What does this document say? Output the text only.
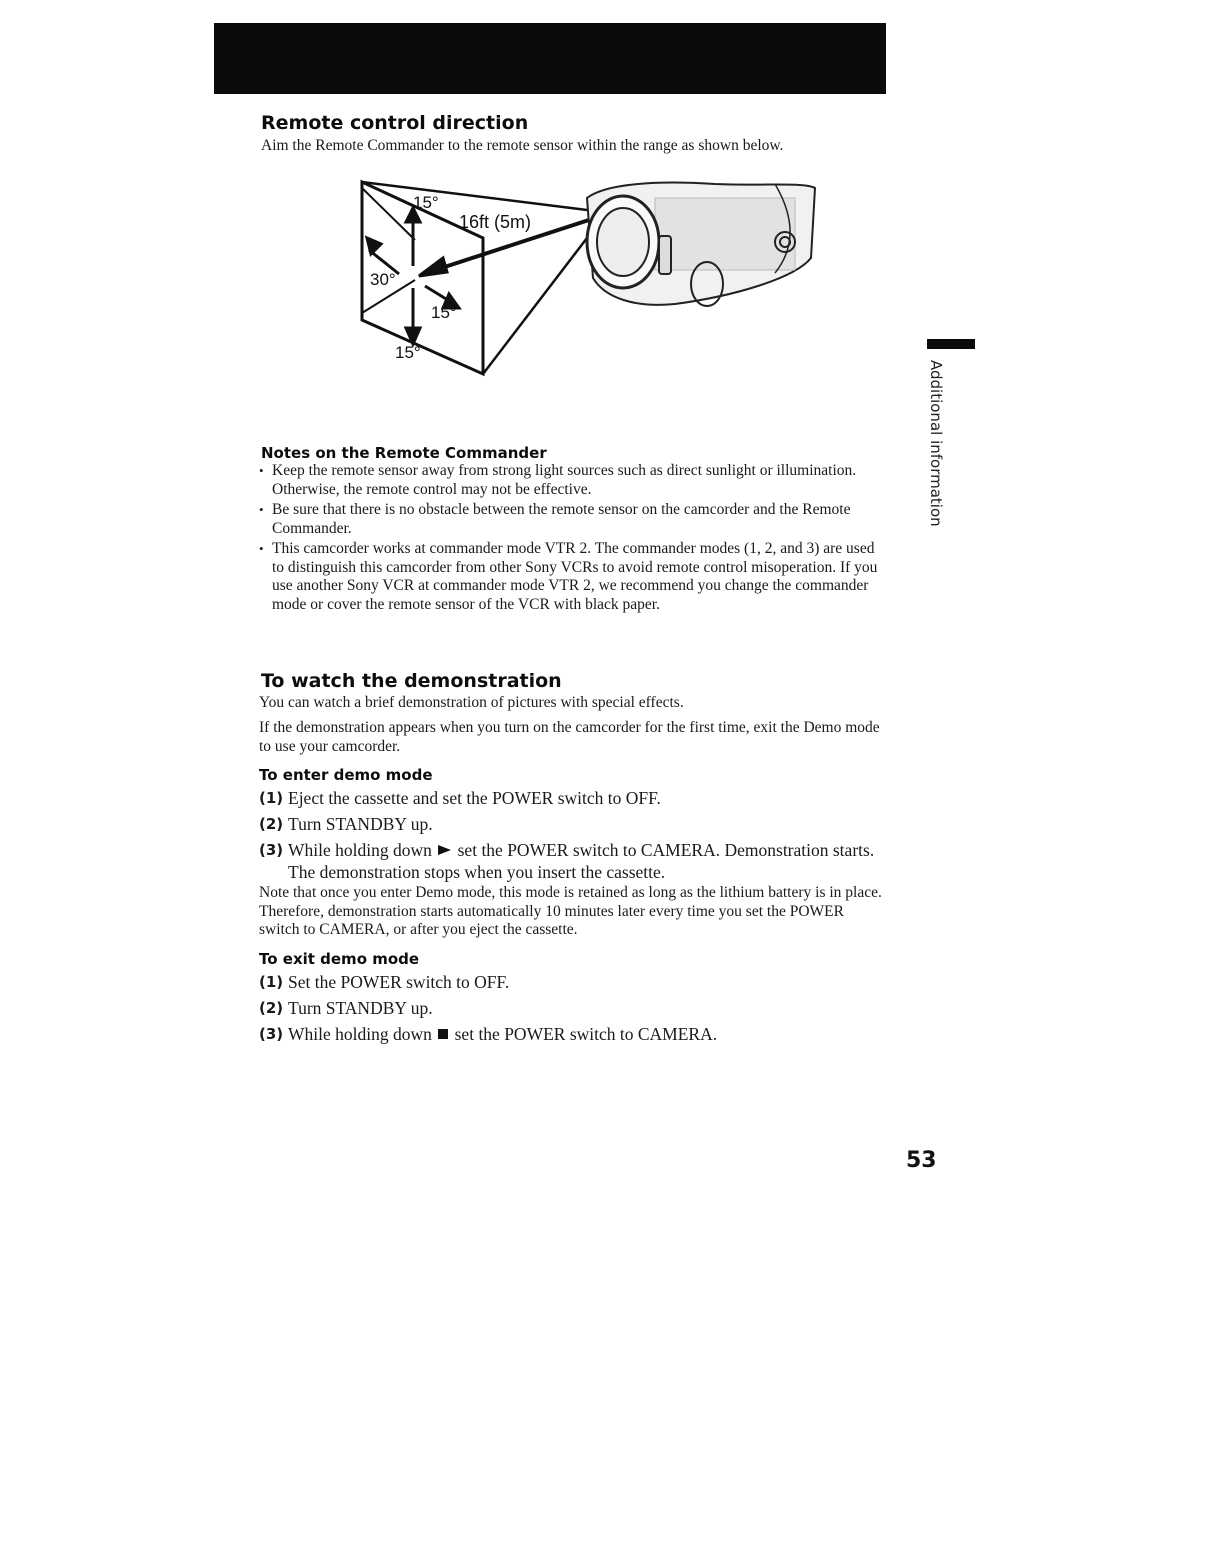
Remote control direction

Aim the Remote Commander to the remote sensor within the range as shown below.

15°
16ft (5m)
30°
15°
15°
Notes on the Remote Commander
• Keep the remote sensor away from strong light sources such as direct sunlight or illumination. Otherwise, the remote control may not be effective.
• Be sure that there is no obstacle between the remote sensor on the camcorder and the Remote Commander.
• This camcorder works at commander mode VTR 2. The commander modes (1, 2, and 3) are used to distinguish this camcorder from other Sony VCRs to avoid remote control misoperation. If you use another Sony VCR at commander mode VTR 2, we recommend you change the commander mode or cover the remote sensor of the VCR with black paper.
To watch the demonstration

You can watch a brief demonstration of pictures with special effects.

If the demonstration appears when you turn on the camcorder for the first time, exit the Demo mode to use your camcorder.

To enter demo mode
(1) Eject the cassette and set the POWER switch to OFF.
(2) Turn STANDBY up.
(3) While holding down set the POWER switch to CAMERA. Demonstration starts. The demonstration stops when you insert the cassette.

Note that once you enter Demo mode, this mode is retained as long as the lithium battery is in place. Therefore, demonstration starts automatically 10 minutes later every time you set the POWER switch to CAMERA, or after you eject the cassette.

To exit demo mode
(1) Set the POWER switch to OFF.
(2) Turn STANDBY up.
(3) While holding down set the POWER switch to CAMERA.
Additional information
53
